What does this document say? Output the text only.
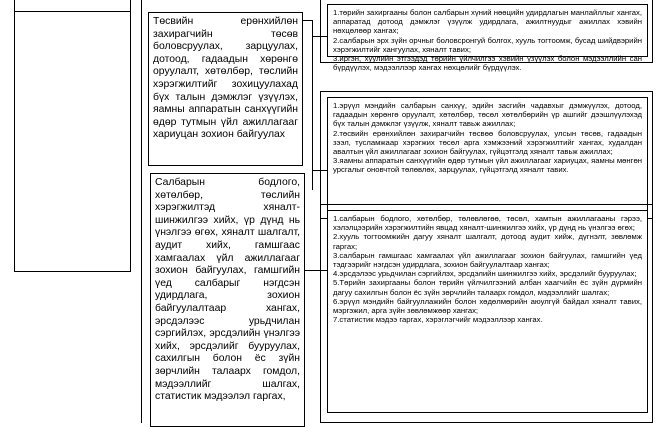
Төсвийн ерөнхийлөн захирагчийн төсөв боловсруулах, зарцуулах, дотоод, гадаадын хөрөнгө оруулалт, хөтөлбөр, төслийн хэрэгжилтийг зохицуулахад бүх талын дэмжлэг үзүүлэх, яамны аппаратын санхүүгийн өдөр тутмын үйл ажиллагааг хариуцан зохион байгуулах

Салбарын бодлого, хөтөлбөр, төслийн хэрэгжилтэд хяналт-шинжилгээ хийх, үр дүнд нь үнэлгээ өгөх, хяналт шалгалт, аудит хийх, гамшгаас хамгаалах үйл ажиллагааг зохион байгуулах, гамшгийн үед салбарыг нэгдсэн удирдлага, зохион байгуулалтаар хангах, эрсдэлээс урьдчилан сэргийлэх, эрсдэлийн үнэлгээ хийх, эрсдэлийг бууруулах, сахилгын болон ёс зүйн зөрчлийн талаарх гомдол, мэдээллийг шалгах, статистик мэдээлэл гаргах,

1.төрийн захиргааны болон салбарын хүний нөөцийн удирдлагын манлайллыг хангах, аппаратад дотоод дэмжлэг үзүүлж удирдлага, ажилтнуудыг ажиллах хэвийн нөхцөлөөр хангах;

2.салбарын эрх зүйн орчныг боловсронгуй болгох, хууль тогтоомж, бусад шийдвэрийн хэрэгжилтийг хангуулах, хяналт тавих;

3.иргэн, хуулийн этгээдэд төрийн үйлчилгээ хэвийн үзүүлэх болон мэдээллийн сан бүрдүүлэх, мэдээллээр хангах нөхцөлийг бүрдүүлэх.

1.эрүүл мэндийн салбарын санхүү, эдийн засгийн чадавхыг дэмжүүлэх, дотоод, гадаадын хөрөнгө оруулалт, хөтөлбөр, төсөл хөтөлбөрийн үр ашгийг дээшлүүлэхэд бүх талын дэмжлэг үзүүлж, хяналт тавьж ажиллах;

2.төсвийн ерөнхийлөн захирагчийн төсвөө боловсруулах, улсын төсөв, гадаадын зээл, тусламжаар хэрэгжих төсөл арга хэмжээний хэрэгжилтийг хангах, худалдан авалтын үйл ажиллагааг зохион байгуулах, гүйцэтгэлд хяналт тавьж ажиллах;

3.яамны аппаратын санхүүгийн өдөр тутмын үйл ажиллагааг хариуцах, яамны мөнгөн урсгалыг оновчтой төлөвлөх, зарцуулах, гүйцэтгэлд хяналт тавих.

1.салбарын бодлого, хөтөлбөр, төлөвлөгөө, төсөл, хамтын ажиллагааны гэрээ, хэлэлцээрийн хэрэгжилтийн явцад хяналт-шинжилгээ хийх, үр дүнд нь үнэлгээ өгөх;

2.хууль тогтоомжийн дагуу хяналт шалгалт, дотоод аудит хийж, дүгнэлт, зөвлөмж гаргах;

3.салбарын гамшгаас хамгаалах үйл ажиллагааг зохион байгуулах, гамшгийн үед тэдгээрийг нэгдсэн удирдлага, зохион байгуулалтаар хангах;

4.эрсдэлээс урьдчилан сэргийлэх, эрсдэлийн шинжилгээ хийх, эрсдэлийг бууруулах;

5.Төрийн захиргааны болон төрийн үйлчилгээний албан хаагчийн ёс зүйн дүрмийн дагуу сахилгын болон ёс зүйн зөрчлийн талаарх гомдол, мэдээллийг шалгах;

6.эрүүл мэндийн байгууллажийн болон хөдөлмөрийн аюулгүй байдал хяналт тавих, мэргэжил, арга зүйн зөвлөмжөөр хангах;

7.статистик мэдээ гаргах, хэрэглэгчийг мэдээллээр хангах.
